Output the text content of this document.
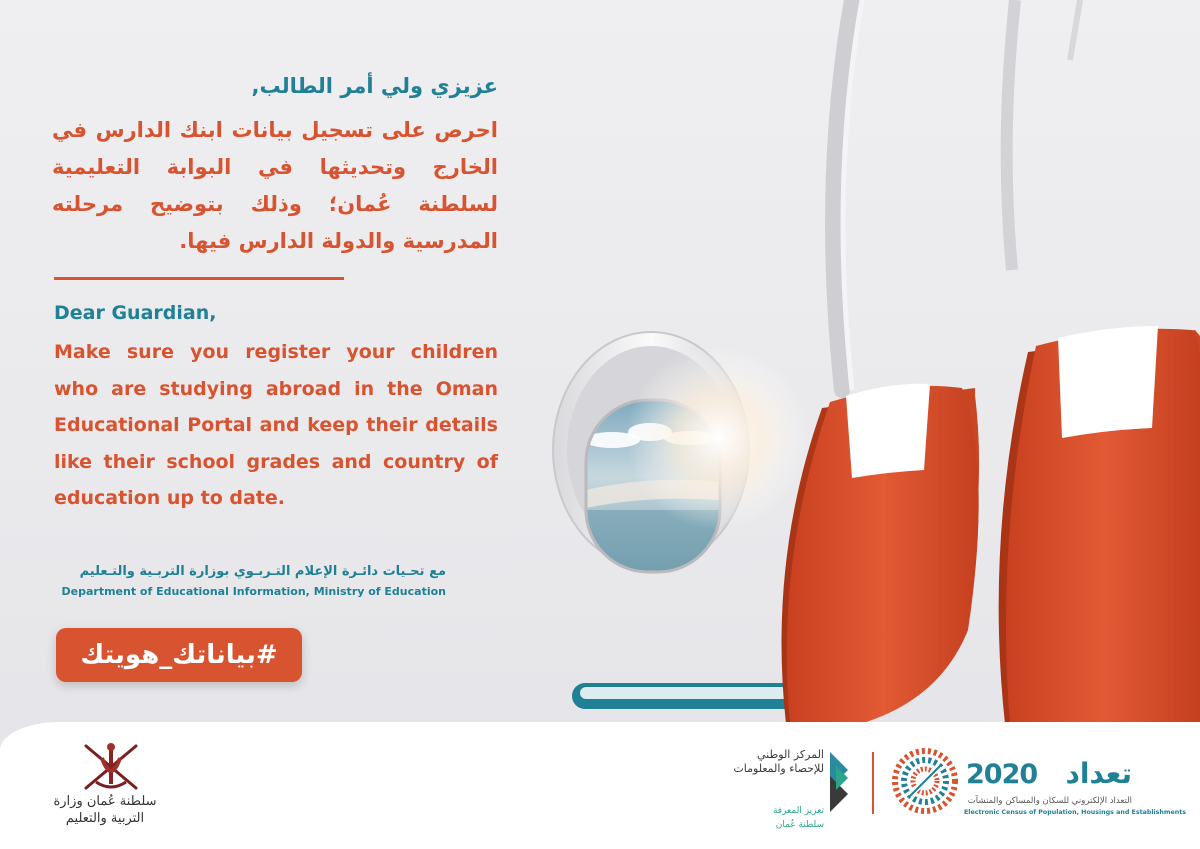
عزيزي ولي أمر الطالب,

احرص على تسجيل بيانات ابنك الدارس في الخارج وتحديثها في البوابة التعليمية لسلطنة عُمان؛ وذلك بتوضيح مرحلته المدرسية والدولة الدارس فيها.

Dear Guardian,

Make sure you register your children who are studying abroad in the Oman Educational Portal and keep their details like their school grades and country of education up to date.

مع تحـيات دائـرة الإعلام التـربـوي بوزارة التربـية والتـعليم

Department of Educational Information, Ministry of Education

#بياناتك_هويتك

سلطنة عُمان وزارة التربية والتعليم

المركز الوطني للإحصاء والمعلومات

تعزيز المعرفة

سلطنة عُمان

2020	تعداد

التعداد الإلكتروني للسكان والمساكن والمنشآت

Electronic Census of Population, Housings and Establishments
